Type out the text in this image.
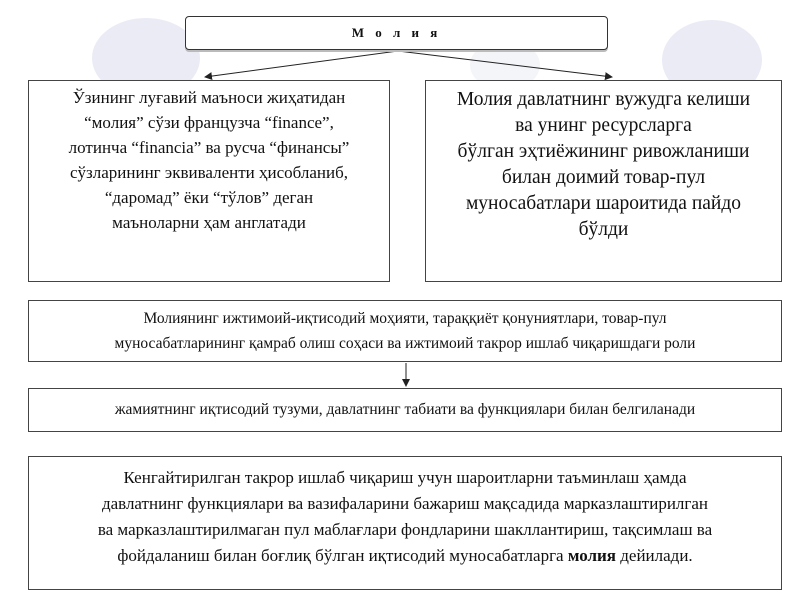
М о л и я
Ўзининг луғавий маъноси жиҳатидан
“молия” сўзи французча “finance”,
лотинча “financia” ва русча “финансы”
сўзларининг эквиваленти ҳисобланиб,
“даромад” ёки “тўлов” деган
маъноларни ҳам англатади
Молия давлатнинг вужудга келиши
ва унинг ресурсларга
бўлган эҳтиёжининг ривожланиши
билан доимий товар-пул
муносабатлари шароитида пайдо
бўлди
Молиянинг ижтимоий-иқтисодий моҳияти, тараққиёт қонуниятлари, товар-пул
муносабатларининг қамраб олиш соҳаси ва ижтимоий такрор ишлаб чиқаришдаги роли
жамиятнинг иқтисодий тузуми, давлатнинг табиати ва функциялари билан белгиланади
Кенгайтирилган такрор ишлаб чиқариш учун шароитларни таъминлаш ҳамда
давлатнинг функциялари ва вазифаларини бажариш мақсадида марказлаштирилган
ва марказлаштирилмаган пул маблағлари фондларини шакллантириш, тақсимлаш ва
фойдаланиш билан боғлиқ бўлган иқтисодий муносабатларга молия дейилади.
